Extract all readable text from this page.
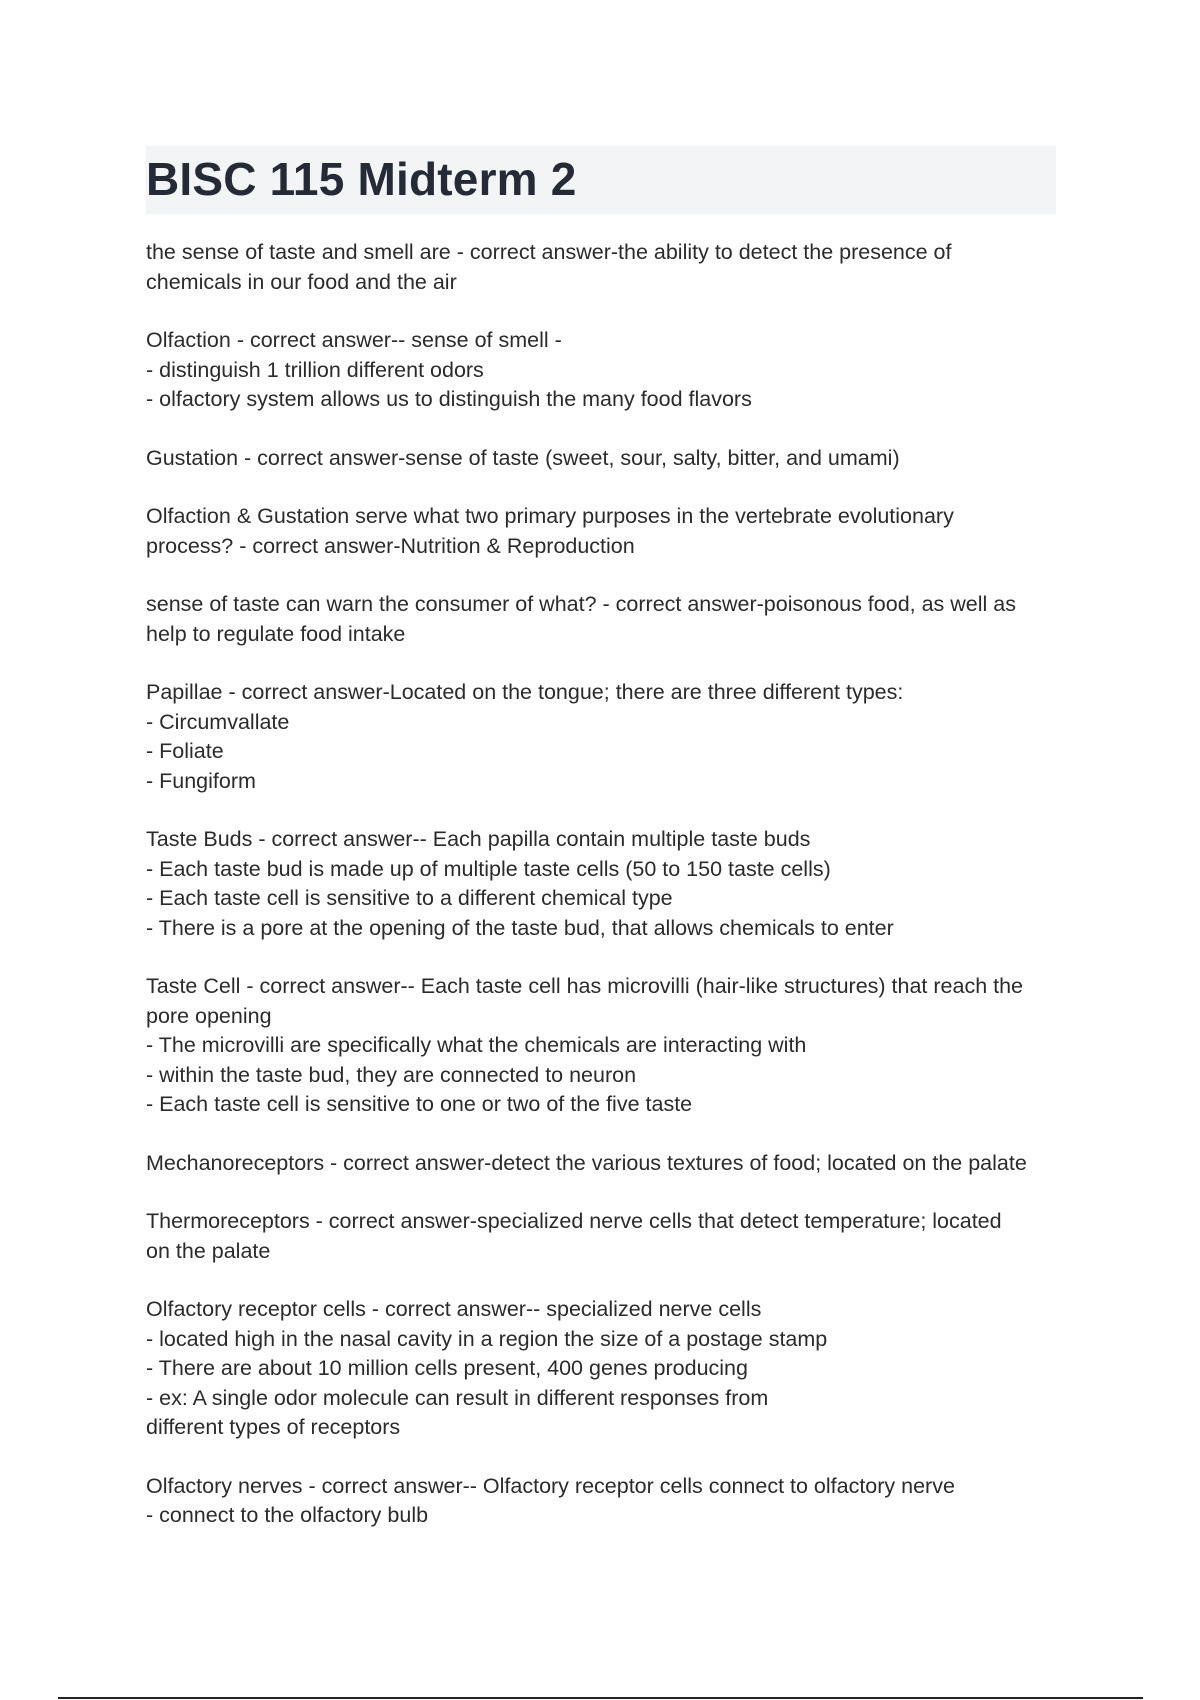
BISC 115 Midterm 2

the sense of taste and smell are - correct answer-the ability to detect the presence of
chemicals in our food and the air

Olfaction - correct answer-- sense of smell -
- distinguish 1 trillion different odors
- olfactory system allows us to distinguish the many food flavors

Gustation - correct answer-sense of taste (sweet, sour, salty, bitter, and umami)

Olfaction & Gustation serve what two primary purposes in the vertebrate evolutionary
process? - correct answer-Nutrition & Reproduction

sense of taste can warn the consumer of what? - correct answer-poisonous food, as well as
help to regulate food intake

Papillae - correct answer-Located on the tongue; there are three different types:
- Circumvallate
- Foliate
- Fungiform

Taste Buds - correct answer-- Each papilla contain multiple taste buds
- Each taste bud is made up of multiple taste cells (50 to 150 taste cells)
- Each taste cell is sensitive to a different chemical type
- There is a pore at the opening of the taste bud, that allows chemicals to enter

Taste Cell - correct answer-- Each taste cell has microvilli (hair-like structures) that reach the
pore opening
- The microvilli are specifically what the chemicals are interacting with
- within the taste bud, they are connected to neuron
- Each taste cell is sensitive to one or two of the five taste

Mechanoreceptors - correct answer-detect the various textures of food; located on the palate

Thermoreceptors - correct answer-specialized nerve cells that detect temperature; located
on the palate

Olfactory receptor cells - correct answer-- specialized nerve cells
- located high in the nasal cavity in a region the size of a postage stamp
- There are about 10 million cells present, 400 genes producing
- ex: A single odor molecule can result in different responses from
different types of receptors

Olfactory nerves - correct answer-- Olfactory receptor cells connect to olfactory nerve
- connect to the olfactory bulb
